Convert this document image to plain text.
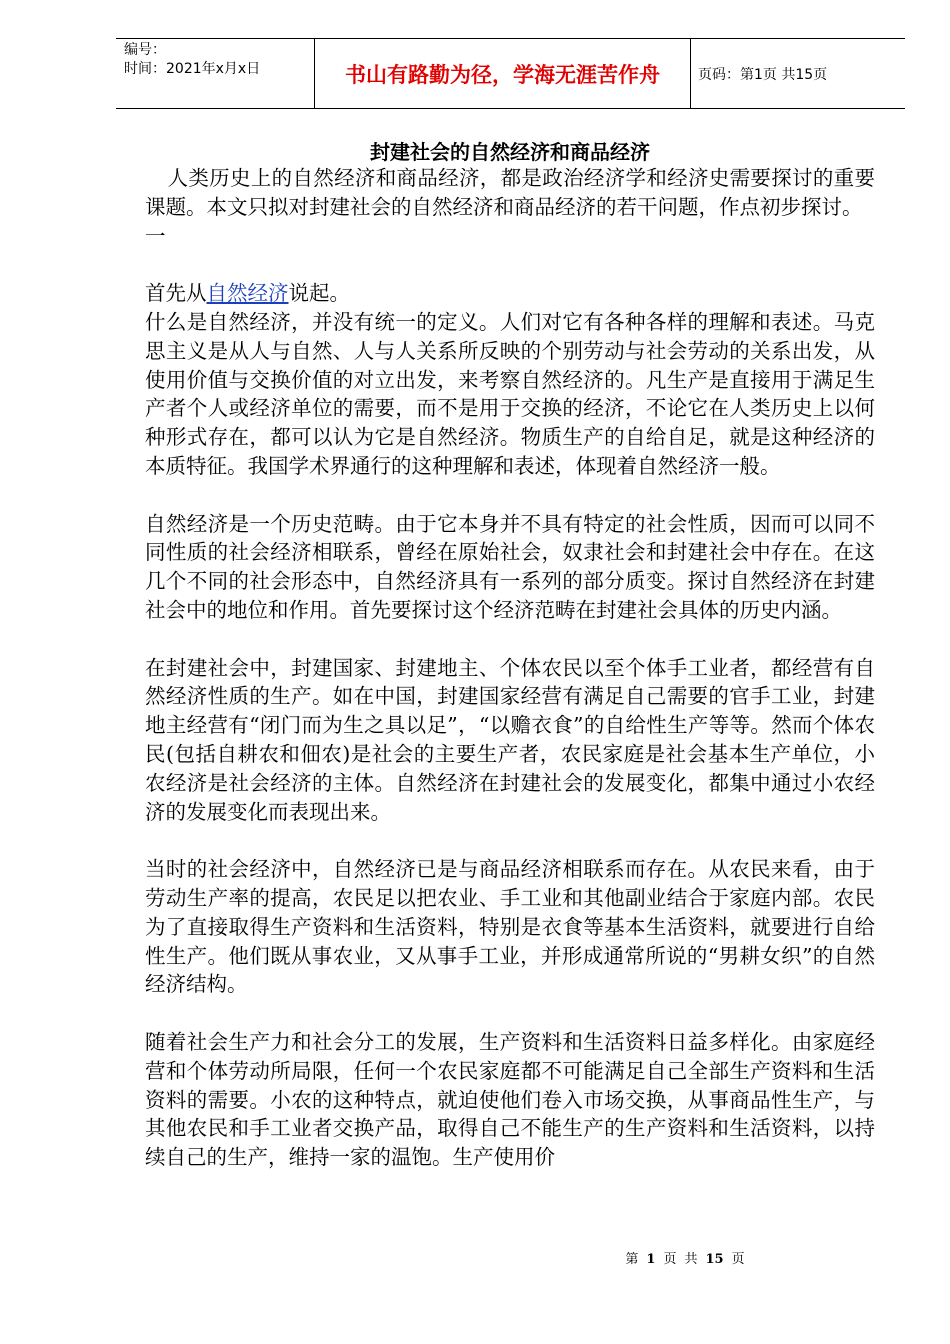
编号：
时间：2021年x月x日	书山有路勤为径，学海无涯苦作舟	页码：第1页 共15页
封建社会的自然经济和商品经济

人类历史上的自然经济和商品经济，都是政治经济学和经济史需要探讨的重要课题。本文只拟对封建社会的自然经济和商品经济的若干问题，作点初步探讨。

一

首先从自然经济说起。

什么是自然经济，并没有统一的定义。人们对它有各种各样的理解和表述。马克思主义是从人与自然、人与人关系所反映的个别劳动与社会劳动的关系出发，从使用价值与交换价值的对立出发，来考察自然经济的。凡生产是直接用于满足生产者个人或经济单位的需要，而不是用于交换的经济，不论它在人类历史上以何种形式存在，都可以认为它是自然经济。物质生产的自给自足，就是这种经济的本质特征。我国学术界通行的这种理解和表述，体现着自然经济一般。

自然经济是一个历史范畴。由于它本身并不具有特定的社会性质，因而可以同不同性质的社会经济相联系，曾经在原始社会，奴隶社会和封建社会中存在。在这几个不同的社会形态中，自然经济具有一系列的部分质变。探讨自然经济在封建社会中的地位和作用。首先要探讨这个经济范畴在封建社会具体的历史内涵。

在封建社会中，封建国家、封建地主、个体农民以至个体手工业者，都经营有自然经济性质的生产。如在中国，封建国家经营有满足自己需要的官手工业，封建地主经营有“闭门而为生之具以足”，“以赡衣食”的自给性生产等等。然而个体农民(包括自耕农和佃农)是社会的主要生产者，农民家庭是社会基本生产单位，小农经济是社会经济的主体。自然经济在封建社会的发展变化，都集中通过小农经济的发展变化而表现出来。

当时的社会经济中，自然经济已是与商品经济相联系而存在。从农民来看，由于劳动生产率的提高，农民足以把农业、手工业和其他副业结合于家庭内部。农民为了直接取得生产资料和生活资料，特别是衣食等基本生活资料，就要进行自给性生产。他们既从事农业，又从事手工业，并形成通常所说的“男耕女织”的自然经济结构。

随着社会生产力和社会分工的发展，生产资料和生活资料日益多样化。由家庭经营和个体劳动所局限，任何一个农民家庭都不可能满足自己全部生产资料和生活资料的需要。小农的这种特点，就迫使他们卷入市场交换，从事商品性生产，与其他农民和手工业者交换产品，取得自己不能生产的生产资料和生活资料，以持续自己的生产，维持一家的温饱。生产使用价

第 1 页 共 15 页
